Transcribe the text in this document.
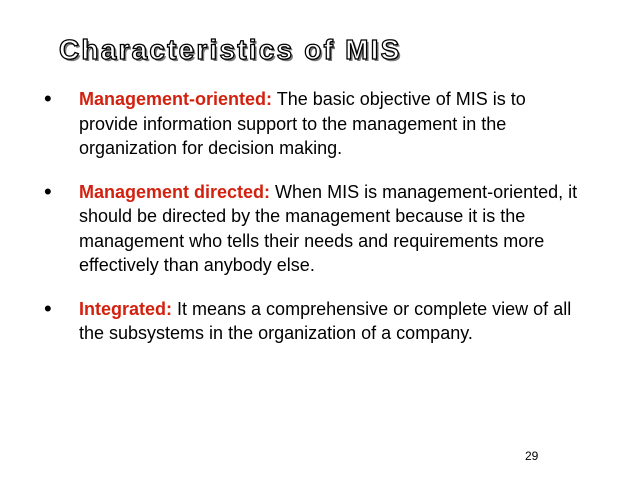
Characteristics of MIS
• Management-oriented: The basic objective of MIS is to provide information support to the management in the organization for decision making.
• Management directed: When MIS is management-oriented, it should be directed by the management because it is the management who tells their needs and requirements more effectively than anybody else.
• Integrated: It means a comprehensive or complete view of all the subsystems in the organization of a company.
29
